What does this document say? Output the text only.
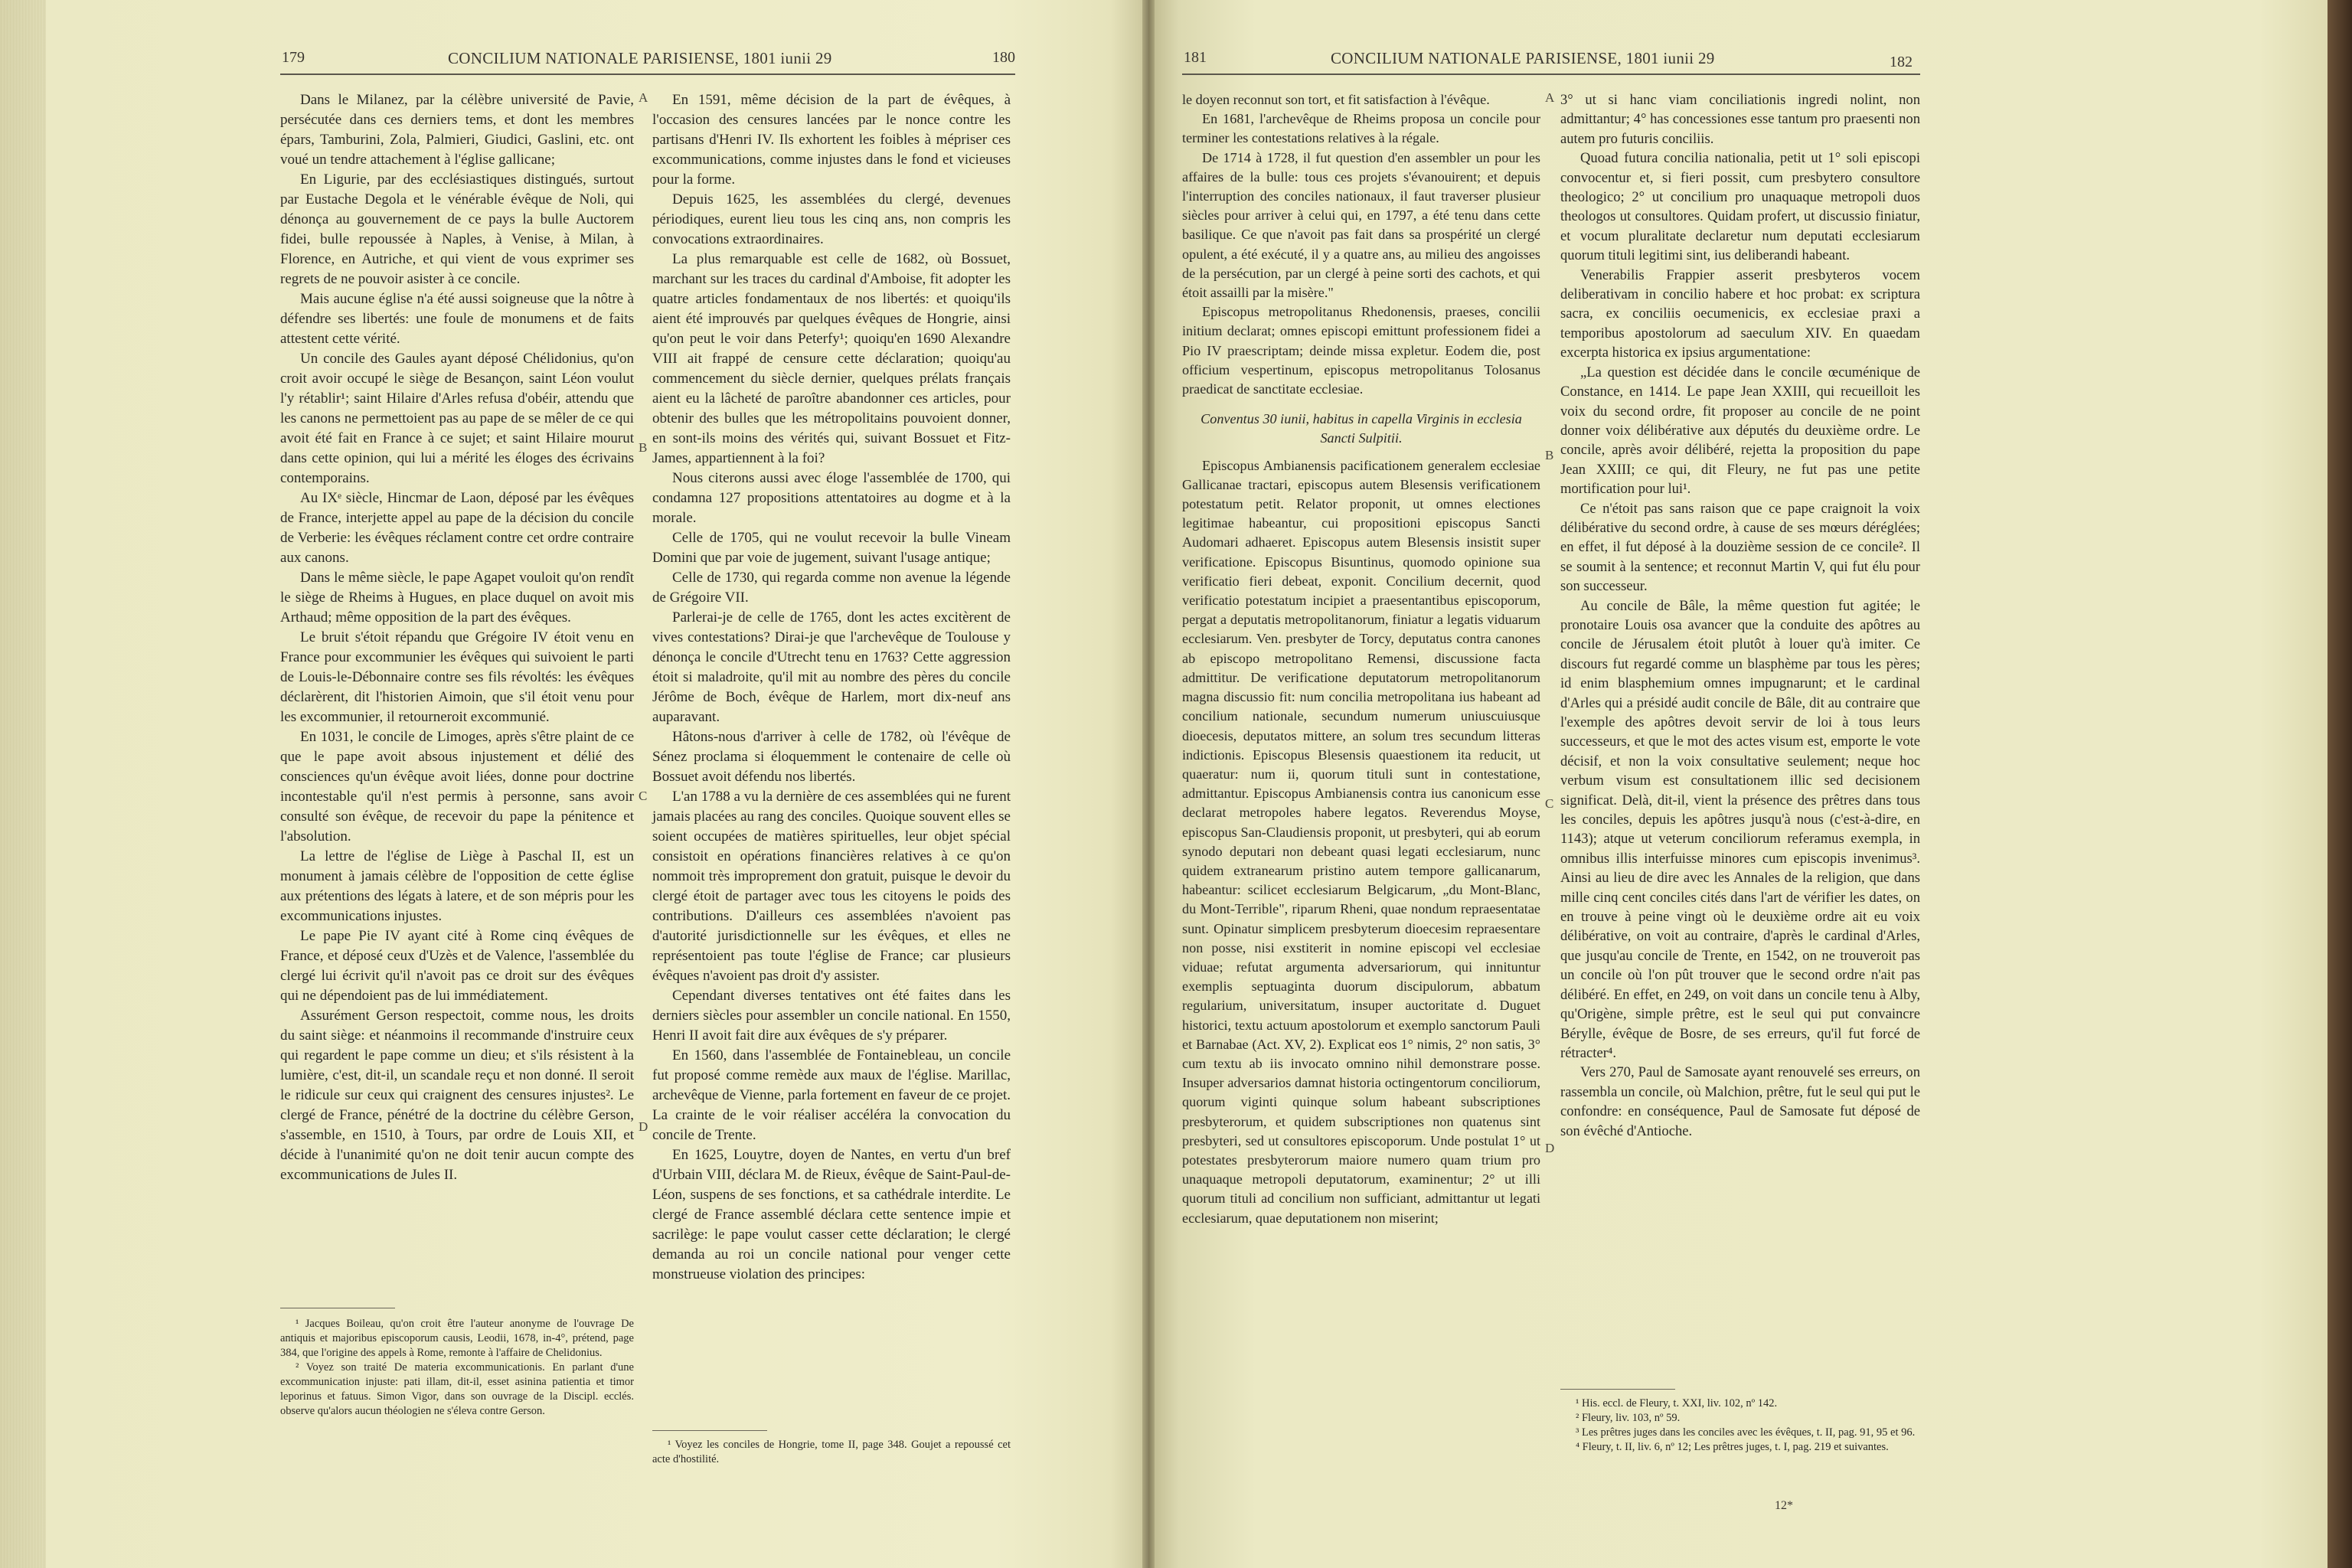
179	CONCILIUM NATIONALE PARISIENSE, 1801 iunii 29	180

Dans le Milanez, par la célèbre université de Pavie, persécutée dans ces derniers tems, et dont les membres épars, Tamburini, Zola, Palmieri, Giudici, Gaslini, etc. ont voué un tendre attachement à l'église gallicane;

En Ligurie, par des ecclésiastiques distingués, surtout par Eustache Degola et le vénérable évêque de Noli, qui dénonça au gouvernement de ce pays la bulle Auctorem fidei, bulle repoussée à Naples, à Venise, à Milan, à Florence, en Autriche, et qui vient de vous exprimer ses regrets de ne pouvoir asister à ce concile.

Mais aucune église n'a été aussi soigneuse que la nôtre à défendre ses libertés: une foule de monumens et de faits attestent cette vérité.

Un concile des Gaules ayant déposé Chélidonius, qu'on croit avoir occupé le siège de Besançon, saint Léon voulut l'y rétablir¹; saint Hilaire d'Arles refusa d'obéir, attendu que les canons ne permettoient pas au pape de se mêler de ce qui avoit été fait en France à ce sujet; et saint Hilaire mourut dans cette opinion, qui lui a mérité les éloges des écrivains contemporains.

Au IXᵉ siècle, Hincmar de Laon, déposé par les évêques de France, interjette appel au pape de la décision du concile de Verberie: les évêques réclament contre cet ordre contraire aux canons.

Dans le même siècle, le pape Agapet vouloit qu'on rendît le siège de Rheims à Hugues, en place duquel on avoit mis Arthaud; même opposition de la part des évêques.

Le bruit s'étoit répandu que Grégoire IV étoit venu en France pour excommunier les évêques qui suivoient le parti de Louis-le-Débonnaire contre ses fils révoltés: les évêques déclarèrent, dit l'historien Aimoin, que s'il étoit venu pour les excommunier, il retourneroit excommunié.

En 1031, le concile de Limoges, après s'être plaint de ce que le pape avoit absous injustement et délié des consciences qu'un évêque avoit liées, donne pour doctrine incontestable qu'il n'est permis à personne, sans avoir consulté son évêque, de recevoir du pape la pénitence et l'absolution.

La lettre de l'église de Liège à Paschal II, est un monument à jamais célèbre de l'opposition de cette église aux prétentions des légats à latere, et de son mépris pour les excommunications injustes.

Le pape Pie IV ayant cité à Rome cinq évêques de France, et déposé ceux d'Uzès et de Valence, l'assemblée du clergé lui écrivit qu'il n'avoit pas ce droit sur des évêques qui ne dépendoient pas de lui immédiatement.

Assurément Gerson respectoit, comme nous, les droits du saint siège: et néanmoins il recommande d'instruire ceux qui regardent le pape comme un dieu; et s'ils résistent à la lumière, c'est, dit-il, un scandale reçu et non donné. Il seroit le ridicule sur ceux qui craignent des censures injustes². Le clergé de France, pénétré de la doctrine du célèbre Gerson, s'assemble, en 1510, à Tours, par ordre de Louis XII, et décide à l'unanimité qu'on ne doit tenir aucun compte des excommunications de Jules II.

¹ Jacques Boileau, qu'on croit être l'auteur anonyme de l'ouvrage De antiquis et majoribus episcoporum causis, Leodii, 1678, in-4°, prétend, page 384, que l'origine des appels à Rome, remonte à l'affaire de Chelidonius.

² Voyez son traité De materia excommunicationis. En parlant d'une excommunication injuste: pati illam, dit-il, esset asinina patientia et timor leporinus et fatuus. Simon Vigor, dans son ouvrage de la Discipl. ecclés. observe qu'alors aucun théologien ne s'éleva contre Gerson.

A
B
C
D

En 1591, même décision de la part de évêques, à l'occasion des censures lancées par le nonce contre les partisans d'Henri IV. Ils exhortent les foibles à mépriser ces excommunications, comme injustes dans le fond et vicieuses pour la forme.

Depuis 1625, les assemblées du clergé, devenues périodiques, eurent lieu tous les cinq ans, non compris les convocations extraordinaires.

La plus remarquable est celle de 1682, où Bossuet, marchant sur les traces du cardinal d'Amboise, fit adopter les quatre articles fondamentaux de nos libertés: et quoiqu'ils aient été improuvés par quelques évêques de Hongrie, ainsi qu'on peut le voir dans Peterfy¹; quoiqu'en 1690 Alexandre VIII ait frappé de censure cette déclaration; quoiqu'au commencement du siècle dernier, quelques prélats français aient eu la lâcheté de paroître abandonner ces articles, pour obtenir des bulles que les métropolitains pouvoient donner, en sont-ils moins des vérités qui, suivant Bossuet et Fitz-James, appartiennent à la foi?

Nous citerons aussi avec éloge l'assemblée de 1700, qui condamna 127 propositions attentatoires au dogme et à la morale.

Celle de 1705, qui ne voulut recevoir la bulle Vineam Domini que par voie de jugement, suivant l'usage antique;

Celle de 1730, qui regarda comme non avenue la légende de Grégoire VII.

Parlerai-je de celle de 1765, dont les actes excitèrent de vives contestations? Dirai-je que l'archevêque de Toulouse y dénonça le concile d'Utrecht tenu en 1763? Cette aggression étoit si maladroite, qu'il mit au nombre des pères du concile Jérôme de Boch, évêque de Harlem, mort dix-neuf ans auparavant.

Hâtons-nous d'arriver à celle de 1782, où l'évêque de Sénez proclama si éloquemment le contenaire de celle où Bossuet avoit défendu nos libertés.

L'an 1788 a vu la dernière de ces assemblées qui ne furent jamais placées au rang des conciles. Quoique souvent elles se soient occupées de matières spirituelles, leur objet spécial consistoit en opérations financières relatives à ce qu'on nommoit très improprement don gratuit, puisque le devoir du clergé étoit de partager avec tous les citoyens le poids des contributions. D'ailleurs ces assemblées n'avoient pas d'autorité jurisdictionnelle sur les évêques, et elles ne représentoient pas toute l'église de France; car plusieurs évêques n'avoient pas droit d'y assister.

Cependant diverses tentatives ont été faites dans les derniers siècles pour assembler un concile national. En 1550, Henri II avoit fait dire aux évêques de s'y préparer.

En 1560, dans l'assemblée de Fontainebleau, un concile fut proposé comme remède aux maux de l'église. Marillac, archevêque de Vienne, parla fortement en faveur de ce projet. La crainte de le voir réaliser accéléra la convocation du concile de Trente.

En 1625, Louytre, doyen de Nantes, en vertu d'un bref d'Urbain VIII, déclara M. de Rieux, évêque de Saint-Paul-de-Léon, suspens de ses fonctions, et sa cathédrale interdite. Le clergé de France assemblé déclara cette sentence impie et sacrilège: le pape voulut casser cette déclaration; le clergé demanda au roi un concile national pour venger cette monstrueuse violation des principes:

¹ Voyez les conciles de Hongrie, tome II, page 348. Goujet a repoussé cet acte d'hostilité.

181	CONCILIUM NATIONALE PARISIENSE, 1801 iunii 29	182

le doyen reconnut son tort, et fit satisfaction à l'évêque.

En 1681, l'archevêque de Rheims proposa un concile pour terminer les contestations relatives à la régale.

De 1714 à 1728, il fut question d'en assembler un pour les affaires de la bulle: tous ces projets s'évanouirent; et depuis l'interruption des conciles nationaux, il faut traverser plusieur siècles pour arriver à celui qui, en 1797, a été tenu dans cette basilique. Ce que n'avoit pas fait dans sa prospérité un clergé opulent, a été exécuté, il y a quatre ans, au milieu des angoisses de la persécution, par un clergé à peine sorti des cachots, et qui étoit assailli par la misère."

Episcopus metropolitanus Rhedonensis, praeses, concilii initium declarat; omnes episcopi emittunt professionem fidei a Pio IV praescriptam; deinde missa expletur. Eodem die, post officium vespertinum, episcopus metropolitanus Tolosanus praedicat de sanctitate ecclesiae.

Conventus 30 iunii, habitus in capella Virginis in ecclesia Sancti Sulpitii.

Episcopus Ambianensis pacificationem generalem ecclesiae Gallicanae tractari, episcopus autem Blesensis verificationem potestatum petit. Relator proponit, ut omnes electiones legitimae habeantur, cui propositioni episcopus Sancti Audomari adhaeret. Episcopus autem Blesensis insistit super verificatione. Episcopus Bisuntinus, quomodo opinione sua verificatio fieri debeat, exponit. Concilium decernit, quod verificatio potestatum incipiet a praesentantibus episcoporum, pergat a deputatis metropolitanorum, finiatur a legatis viduarum ecclesiarum. Ven. presbyter de Torcy, deputatus contra canones ab episcopo metropolitano Remensi, discussione facta admittitur. De verificatione deputatorum metropolitanorum magna discussio fit: num concilia metropolitana ius habeant ad concilium nationale, secundum numerum uniuscuiusque dioecesis, deputatos mittere, an solum tres secundum litteras indictionis. Episcopus Blesensis quaestionem ita reducit, ut quaeratur: num ii, quorum tituli sunt in contestatione, admittantur. Episcopus Ambianensis contra ius canonicum esse declarat metropoles habere legatos. Reverendus Moyse, episcopus San-Claudiensis proponit, ut presbyteri, qui ab eorum synodo deputari non debeant quasi legati ecclesiarum, nunc quidem extranearum pristino autem tempore gallicanarum, habeantur: scilicet ecclesiarum Belgicarum, „du Mont-Blanc, du Mont-Terrible", riparum Rheni, quae nondum repraesentatae sunt. Opinatur simplicem presbyterum dioecesim repraesentare non posse, nisi exstiterit in nomine episcopi vel ecclesiae viduae; refutat argumenta adversariorum, qui innituntur exemplis septuaginta duorum discipulorum, abbatum regularium, universitatum, insuper auctoritate d. Duguet historici, textu actuum apostolorum et exemplo sanctorum Pauli et Barnabae (Act. XV, 2). Explicat eos 1° nimis, 2° non satis, 3° cum textu ab iis invocato omnino nihil demonstrare posse. Insuper adversarios damnat historia octingentorum conciliorum, quorum viginti quinque solum habeant subscriptiones presbyterorum, et quidem subscriptiones non quatenus sint presbyteri, sed ut consultores episcoporum. Unde postulat 1° ut potestates presbyterorum maiore numero quam trium pro unaquaque metropoli deputatorum, examinentur; 2° ut illi quorum tituli ad concilium non sufficiant, admittantur ut legati ecclesiarum, quae deputationem non miserint;

A
B
C
D

3° ut si hanc viam conciliationis ingredi nolint, non admittantur; 4° has concessiones esse tantum pro praesenti non autem pro futuris conciliis.

Quoad futura concilia nationalia, petit ut 1° soli episcopi convocentur et, si fieri possit, cum presbytero consultore theologico; 2° ut concilium pro unaquaque metropoli duos theologos ut consultores. Quidam profert, ut discussio finiatur, et vocum pluralitate declaretur num deputati ecclesiarum quorum tituli legitimi sint, ius deliberandi habeant.

Venerabilis Frappier asserit presbyteros vocem deliberativam in concilio habere et hoc probat: ex scriptura sacra, ex conciliis oecumenicis, ex ecclesiae praxi a temporibus apostolorum ad saeculum XIV. En quaedam excerpta historica ex ipsius argumentatione:

„La question est décidée dans le concile œcuménique de Constance, en 1414. Le pape Jean XXIII, qui recueilloit les voix du second ordre, fit proposer au concile de ne point donner voix délibérative aux députés du deuxième ordre. Le concile, après avoir délibéré, rejetta la proposition du pape Jean XXIII; ce qui, dit Fleury, ne fut pas une petite mortification pour lui¹.

Ce n'étoit pas sans raison que ce pape craignoit la voix délibérative du second ordre, à cause de ses mœurs déréglées; en effet, il fut déposé à la douzième session de ce concile². Il se soumit à la sentence; et reconnut Martin V, qui fut élu pour son successeur.

Au concile de Bâle, la même question fut agitée; le pronotaire Louis osa avancer que la conduite des apôtres au concile de Jérusalem étoit plutôt à louer qu'à imiter. Ce discours fut regardé comme un blasphème par tous les pères; id enim blasphemium omnes impugnarunt; et le cardinal d'Arles qui a présidé audit concile de Bâle, dit au contraire que l'exemple des apôtres devoit servir de loi à tous leurs successeurs, et que le mot des actes visum est, emporte le vote décisif, et non la voix consultative seulement; neque hoc verbum visum est consultationem illic sed decisionem significat. Delà, dit-il, vient la présence des prêtres dans tous les conciles, depuis les apôtres jusqu'à nous (c'est-à-dire, en 1143); atque ut veterum conciliorum referamus exempla, in omnibus illis interfuisse minores cum episcopis invenimus³. Ainsi au lieu de dire avec les Annales de la religion, que dans mille cinq cent conciles cités dans l'art de vérifier les dates, on en trouve à peine vingt où le deuxième ordre ait eu voix délibérative, on voit au contraire, d'après le cardinal d'Arles, que jusqu'au concile de Trente, en 1542, on ne trouveroit pas un concile où l'on pût trouver que le second ordre n'ait pas délibéré. En effet, en 249, on voit dans un concile tenu à Alby, qu'Origène, simple prêtre, est le seul qui put convaincre Bérylle, évêque de Bosre, de ses erreurs, qu'il fut forcé de rétracter⁴.

Vers 270, Paul de Samosate ayant renouvelé ses erreurs, on rassembla un concile, où Malchion, prêtre, fut le seul qui put le confondre: en conséquence, Paul de Samosate fut déposé de son évêché d'Antioche.

¹ His. eccl. de Fleury, t. XXI, liv. 102, nº 142.

² Fleury, liv. 103, nº 59.

³ Les prêtres juges dans les conciles avec les évêques, t. II, pag. 91, 95 et 96.

⁴ Fleury, t. II, liv. 6, nº 12; Les prêtres juges, t. I, pag. 219 et suivantes.

12*
